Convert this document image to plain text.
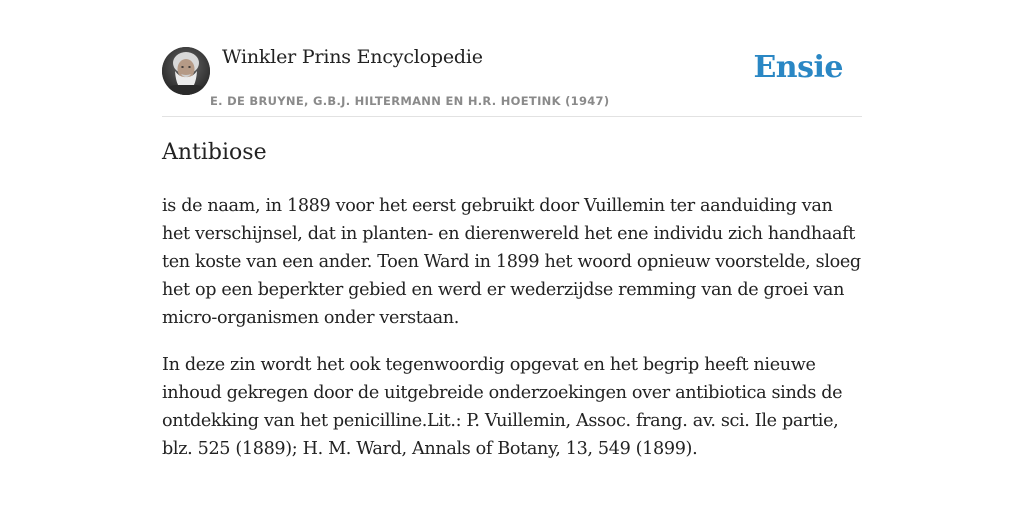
Winkler Prins Encyclopedie
E. DE BRUYNE, G.B.J. HILTERMANN EN H.R. HOETINK (1947)
Ensie
Antibiose

is de naam, in 1889 voor het eerst gebruikt door Vuillemin ter aanduiding van het verschijnsel, dat in planten- en dierenwereld het ene individu zich handhaaft ten koste van een ander. Toen Ward in 1899 het woord opnieuw voorstelde, sloeg het op een beperkter gebied en werd er wederzijdse remming van de groei van micro-organismen onder verstaan.

In deze zin wordt het ook tegenwoordig opgevat en het begrip heeft nieuwe inhoud gekregen door de uitgebreide onderzoekingen over antibiotica sinds de ontdekking van het penicilline.Lit.: P. Vuillemin, Assoc. frang. av. sci. Ile partie, blz. 525 (1889); H. M. Ward, Annals of Botany, 13, 549 (1899).
